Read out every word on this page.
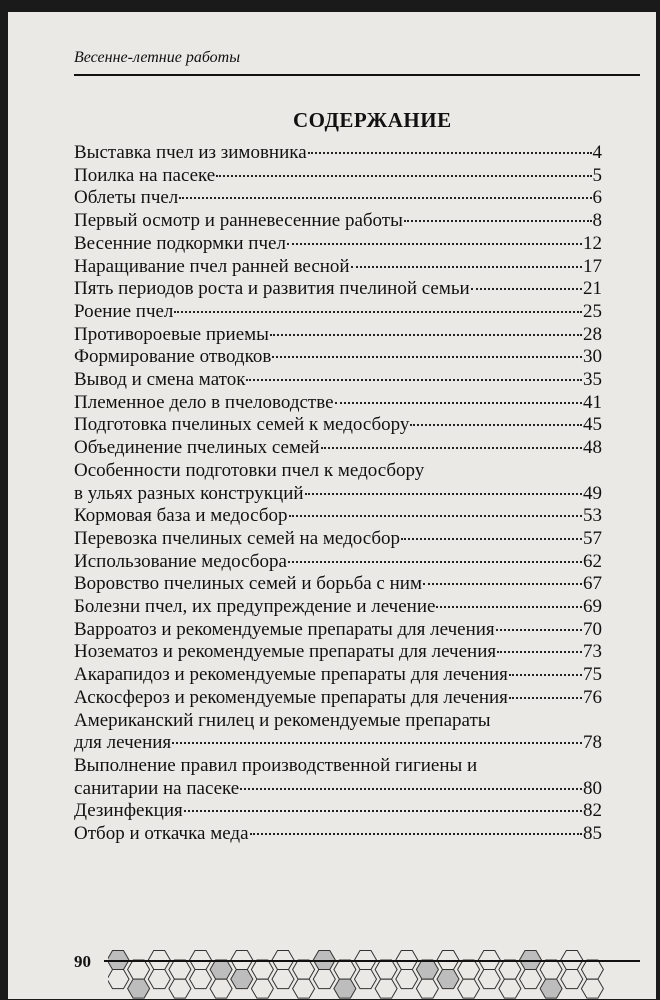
Весенне-летние работы
СОДЕРЖАНИЕ
Выставка пчел из зимовника	4
Поилка на пасеке	5
Облеты пчел	6
Первый осмотр и ранневесенние работы	8
Весенние подкормки пчел	12
Наращивание пчел ранней весной	17
Пять периодов роста и развития пчелиной семьи	21
Роение пчел	25
Противороевые приемы	28
Формирование отводков	30
Вывод и смена маток	35
Племенное дело в пчеловодстве	41
Подготовка пчелиных семей к медосбору	45
Объединение пчелиных семей	48
Особенности подготовки пчел к медосбору
в ульях разных конструкций	49
Кормовая база и медосбор	53
Перевозка пчелиных семей на медосбор	57
Использование медосбора	62
Воровство пчелиных семей и борьба с ним	67
Болезни пчел, их предупреждение и лечение	69
Варроатоз и рекомендуемые препараты для лечения	70
Нозематоз и рекомендуемые препараты для лечения	73
Акарапидоз и рекомендуемые препараты для лечения	75
Аскосфероз и рекомендуемые препараты для лечения	76
Американский гнилец и рекомендуемые препараты
для лечения	78
Выполнение правил производственной гигиены и
санитарии на пасеке	80
Дезинфекция	82
Отбор и откачка меда	85
90
